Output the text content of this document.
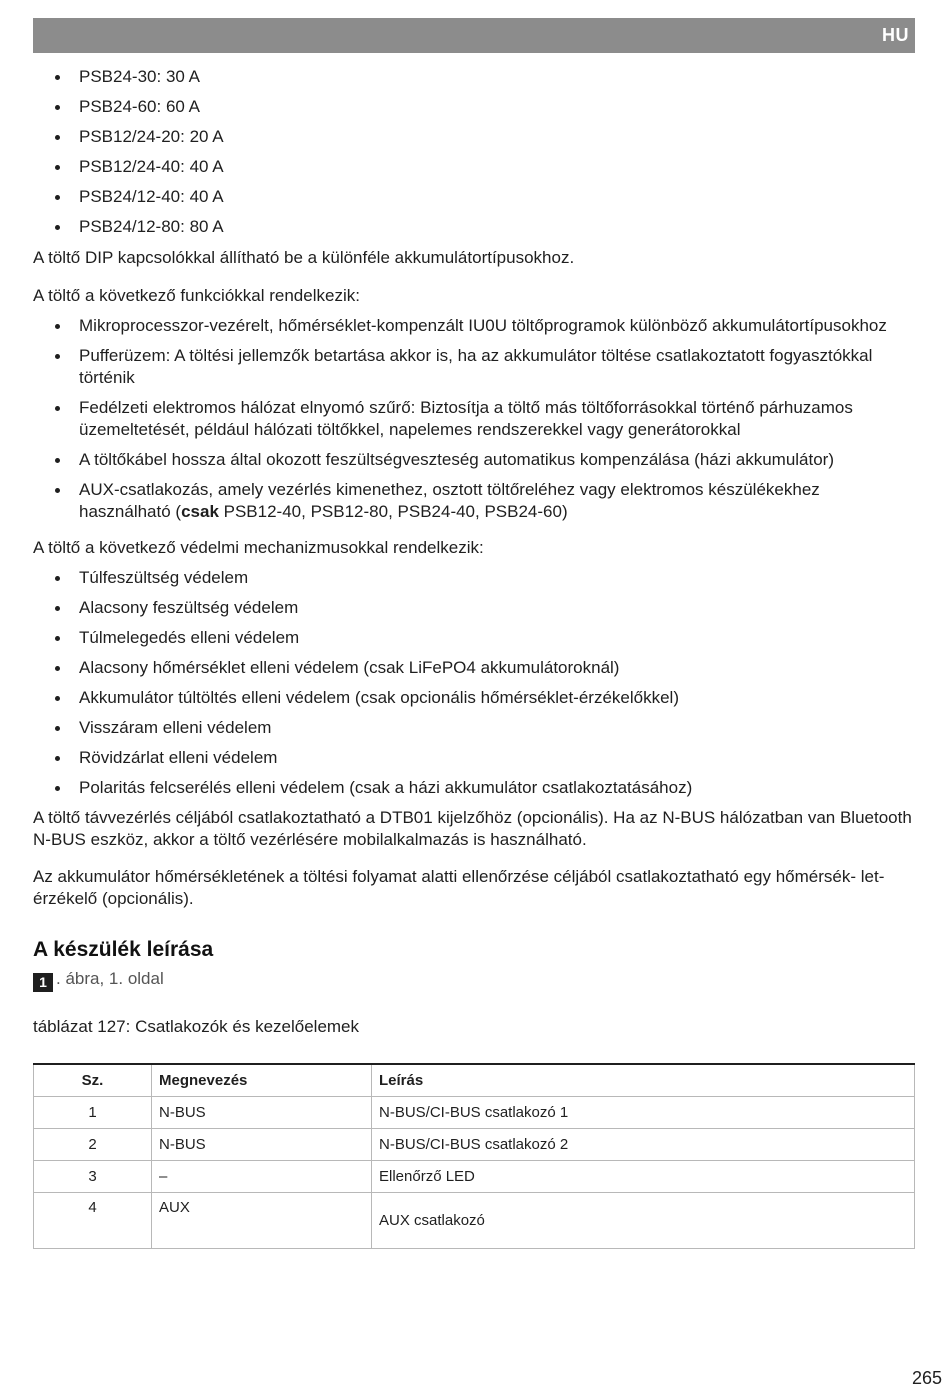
HU
PSB24-30: 30 A
PSB24-60: 60 A
PSB12/24-20: 20 A
PSB12/24-40: 40 A
PSB24/12-40: 40 A
PSB24/12-80: 80 A

A töltő DIP kapcsolókkal állítható be a különféle akkumulátortípusokhoz.

A töltő a következő funkciókkal rendelkezik:

Mikroprocesszor-vezérelt, hőmérséklet-kompenzált IU0U töltőprogramok különböző akkumulátortípusokhoz
Pufferüzem: A töltési jellemzők betartása akkor is, ha az akkumulátor töltése csatlakoztatott fogyasztókkal történik
Fedélzeti elektromos hálózat elnyomó szűrő: Biztosítja a töltő más töltőforrásokkal történő párhuzamos üzemeltetését, például hálózati töltőkkel, napelemes rendszerekkel vagy generátorokkal
A töltőkábel hossza által okozott feszültségveszteség automatikus kompenzálása (házi akkumulátor)
AUX-csatlakozás, amely vezérlés kimenethez, osztott töltőreléhez vagy elektromos készülékekhez használható (csak PSB12-40, PSB12-80, PSB24-40, PSB24-60)

A töltő a következő védelmi mechanizmusokkal rendelkezik:

Túlfeszültség védelem
Alacsony feszültség védelem
Túlmelegedés elleni védelem
Alacsony hőmérséklet elleni védelem (csak LiFePO4 akkumulátoroknál)
Akkumulátor túltöltés elleni védelem (csak opcionális hőmérséklet-érzékelőkkel)
Visszáram elleni védelem
Rövidzárlat elleni védelem
Polaritás felcserélés elleni védelem (csak a házi akkumulátor csatlakoztatásához)

A töltő távvezérlés céljából csatlakoztatható a DTB01 kijelzőhöz (opcionális). Ha az N-BUS hálózatban van Bluetooth N-BUS eszköz, akkor a töltő vezérlésére mobilalkalmazás is használható.

Az akkumulátor hőmérsékletének a töltési folyamat alatti ellenőrzése céljából csatlakoztatható egy hőmérsék- let-érzékelő (opcionális).

A készülék leírása
1 . ábra, 1. oldal

táblázat 127: Csatlakozók és kezelőelemek

Sz.	Megnevezés	Leírás
1	N-BUS	N-BUS/CI-BUS csatlakozó 1
2	N-BUS	N-BUS/CI-BUS csatlakozó 2
3	–	Ellenőrző LED
4	AUX	AUX csatlakozó
265
